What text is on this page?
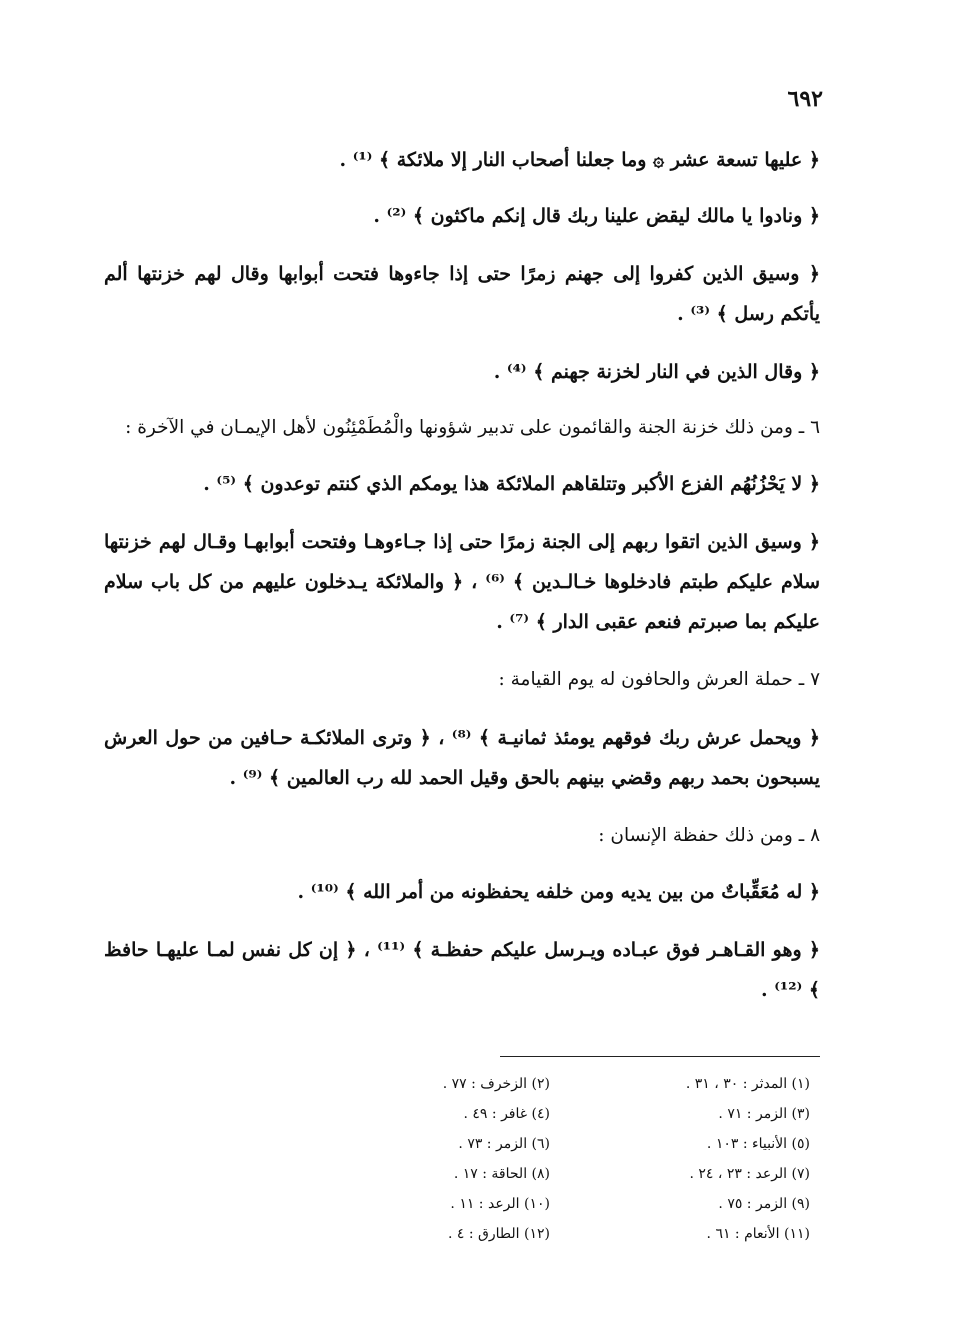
٦٩٢

﴿ عليها تسعة عشر ۞ وما جعلنا أصحاب النار إلا ملائكة ﴾ ⁽¹⁾ .

﴿ ونادوا يا مالك ليقض علينا ربك قال إنكم ماكثون ﴾ ⁽²⁾ .

﴿ وسيق الذين كفروا إلى جهنم زمرًا حتى إذا جاءوها فتحت أبوابها وقال لهم خزنتها ألم يأتكم رسل ﴾ ⁽³⁾ .

﴿ وقال الذين في النار لخزنة جهنم ﴾ ⁽⁴⁾ .

٦ ـ ومن ذلك خزنة الجنة والقائمون على تدبير شؤونها والْمُطَمْئِنُون لأهل الإيمـان في الآخرة :

﴿ لا يَحْزُنُهُم الفزع الأكبر وتتلقاهم الملائكة هذا يومكم الذي كنتم توعدون ﴾ ⁽⁵⁾ .

﴿ وسيق الذين اتقوا ربهم إلى الجنة زمرًا حتى إذا جـاءوهـا وفتحت أبوابهـا وقـال لهم خزنتها سلام عليكم طبتم فادخلوها خـالـدين ﴾ ⁽⁶⁾ ، ﴿ والملائكة يـدخلون عليهم من كل باب سلام عليكم بما صبرتم فنعم عقبى الدار ﴾ ⁽⁷⁾ .

٧ ـ حملة العرش والحافون له يوم القيامة :

﴿ ويحمل عرش ربك فوقهم يومئذ ثمانيـة ﴾ ⁽⁸⁾ ، ﴿ وترى الملائكـة حـافين من حول العرش يسبحون بحمد ربهم وقضي بينهم بالحق وقيل الحمد لله رب العالمين ﴾ ⁽⁹⁾ .

٨ ـ ومن ذلك حفظة الإنسان :

﴿ له مُعَقِّباتٌ من بين يديه ومن خلفه يحفظونه من أمر الله ﴾ ⁽¹⁰⁾ .

﴿ وهو القـاهـر فوق عبـاده ويـرسل عليكم حفظـة ﴾ ⁽¹¹⁾ ، ﴿ إن كل نفس لمـا عليهـا حافظ ﴾ ⁽¹²⁾ .

(١) المدثر : ٣٠ ، ٣١ .
(٢) الزخرف : ٧٧ .
(٣) الزمر : ٧١ .
(٤) غافر : ٤٩ .
(٥) الأنبياء : ١٠٣ .
(٦) الزمر : ٧٣ .
(٧) الرعد : ٢٣ ، ٢٤ .
(٨) الحاقة : ١٧ .
(٩) الزمر : ٧٥ .
(١٠) الرعد : ١١ .
(١١) الأنعام : ٦١ .
(١٢) الطارق : ٤ .
